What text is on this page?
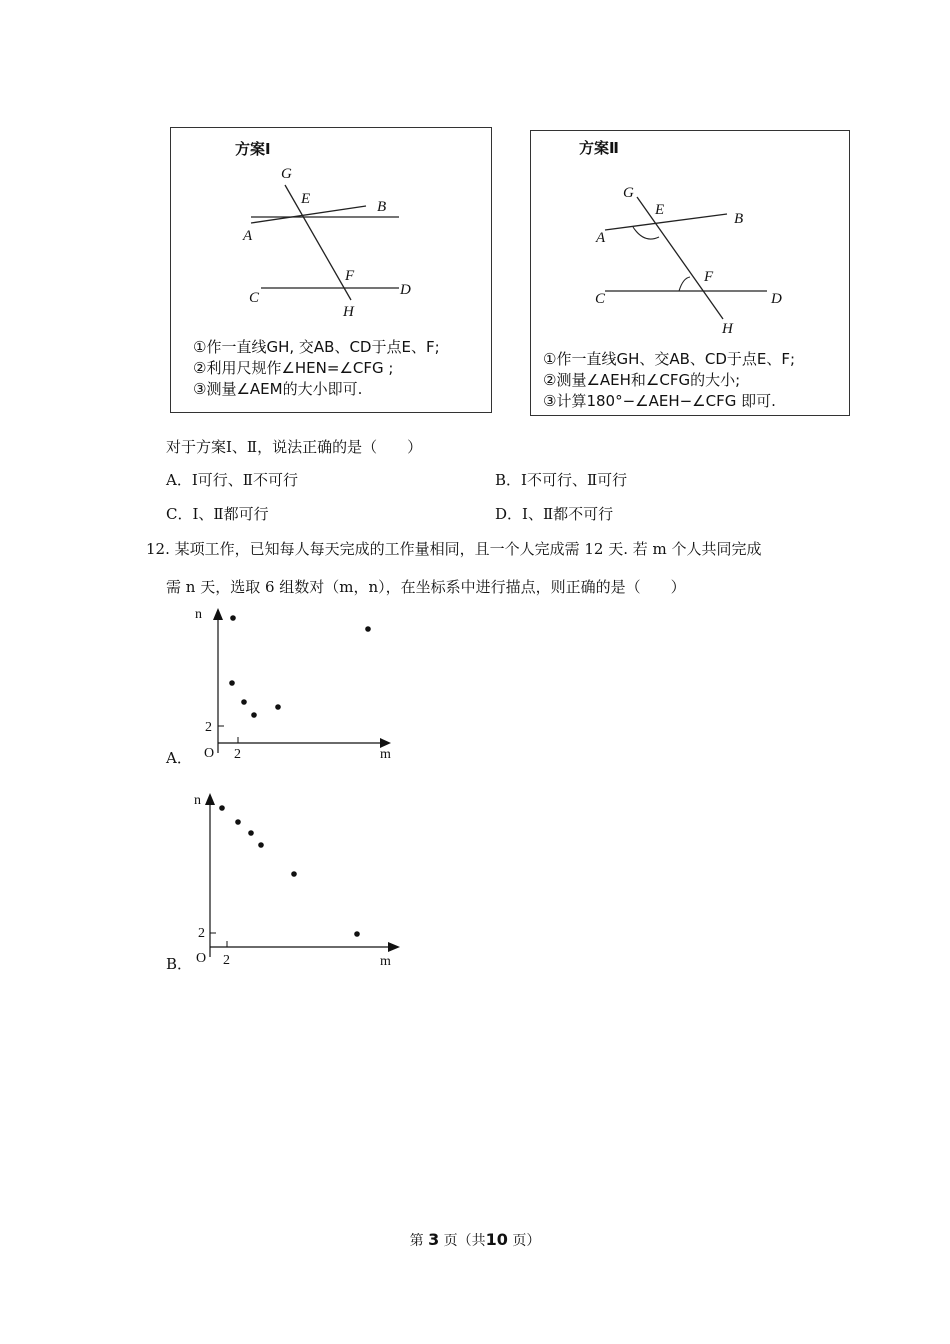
方案Ⅰ
G
E	B
A
F
C	D
H
①作一直线GH, 交AB、CD于点E、F;
②利用尺规作∠HEN=∠CFG ;
③测量∠AEM的大小即可.
方案Ⅱ
G
E
B
A
F
C	D
H
①作一直线GH、交AB、CD于点E、F;
②测量∠AEH和∠CFG的大小;
③计算180°−∠AEH−∠CFG 即可.
对于方案Ⅰ、Ⅱ，说法正确的是（　　）
A．Ⅰ可行、Ⅱ不可行	B．Ⅰ不可行、Ⅱ可行
C．Ⅰ、Ⅱ都可行	D．Ⅰ、Ⅱ都不可行
12. 某项工作，已知每人每天完成的工作量相同，且一个人完成需 12 天. 若 m 个人共同完成
需 n 天，选取 6 组数对（m，n），在坐标系中进行描点，则正确的是（　　）
A．
n
m
O 2
2
B．
n
m
O 2
2
第 3 页（共10 页）
